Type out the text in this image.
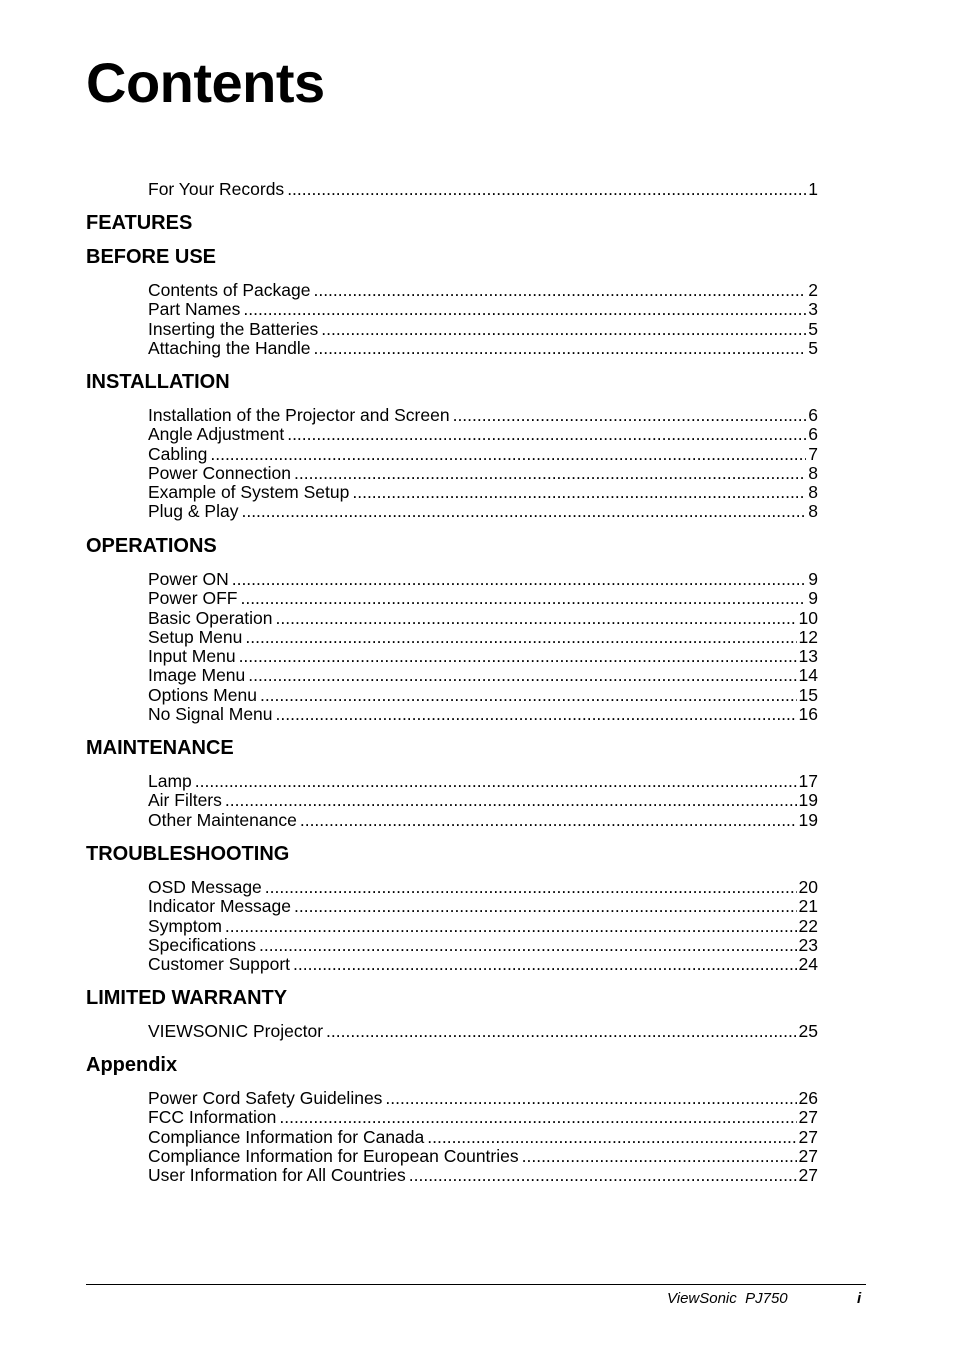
Contents
For Your Records .....	1
FEATURES
BEFORE USE
Contents of Package .....	2
Part Names .....	3
Inserting the Batteries .....	5
Attaching the Handle .....	5
INSTALLATION
Installation of the Projector and Screen .....	6
Angle Adjustment .....	6
Cabling .....	7
Power Connection .....	8
Example of System Setup .....	8
Plug & Play .....	8
OPERATIONS
Power ON .....	9
Power OFF .....	9
Basic Operation .....	10
Setup Menu .....	12
Input Menu .....	13
Image Menu .....	14
Options Menu .....	15
No Signal Menu .....	16
MAINTENANCE
Lamp .....	17
Air Filters .....	19
Other Maintenance .....	19
TROUBLESHOOTING
OSD Message .....	20
Indicator Message .....	21
Symptom .....	22
Specifications .....	23
Customer Support .....	24
LIMITED WARRANTY
VIEWSONIC Projector .....	25
Appendix
Power Cord Safety Guidelines .....	26
FCC Information .....	27
Compliance Information for Canada .....	27
Compliance Information for European Countries .....	27
User Information for All Countries .....	27
ViewSonic  PJ750	i
